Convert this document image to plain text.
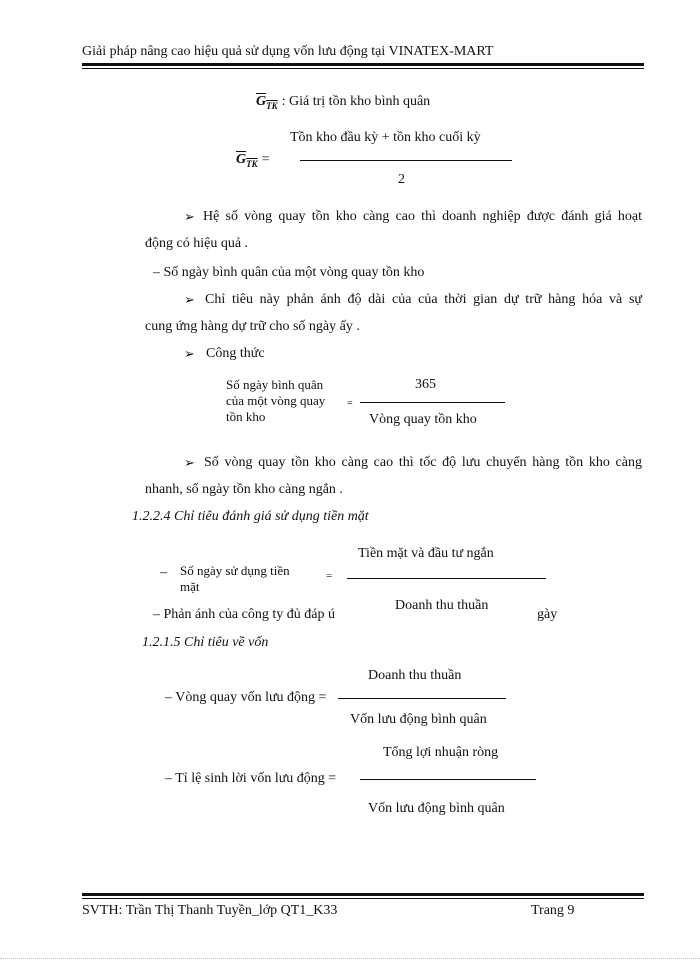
Giải pháp nâng cao hiệu quả sử dụng vốn lưu động tại VINATEX-MART
$G_{TK}$ : Giá trị tồn kho bình quân
$G_{TK}$ =
Tồn kho đầu kỳ + tồn kho cuối kỳ
2
➢ Hệ số vòng quay tồn kho càng cao thì doanh nghiệp được đánh giá hoạt
động có hiệu quả .
– Số ngày bình quân của một vòng quay tồn kho
➢ Chỉ tiêu này phản ánh độ dài của của thời gian dự trữ hàng hóa và sự
cung ứng hàng dự trữ cho số ngày ấy .
➢ Công thức
Số ngày bình quân
của một vòng quay
tồn kho
=
365
Vòng quay tồn kho
➢ Số vòng quay tồn kho càng cao thì tốc độ lưu chuyển hàng tồn kho càng
nhanh, số ngày tồn kho càng ngắn .
1.2.2.4 Chỉ tiêu đánh giá sử dụng tiền mặt
– Số ngày sử dụng tiền
mặt
=
Tiền mặt và đầu tư ngắn
– Phản ánh của công ty đủ đáp ú
Doanh thu thuần
gày
1.2.1.5 Chỉ tiêu về vốn
– Vòng quay vốn lưu động =
Doanh thu thuần
Vốn lưu động bình quân
– Tỉ lệ sinh lời vốn lưu động =
Tổng lợi nhuận ròng
Vốn lưu động bình quân
SVTH: Trần Thị Thanh Tuyền_lớp QT1_K33	Trang 9
